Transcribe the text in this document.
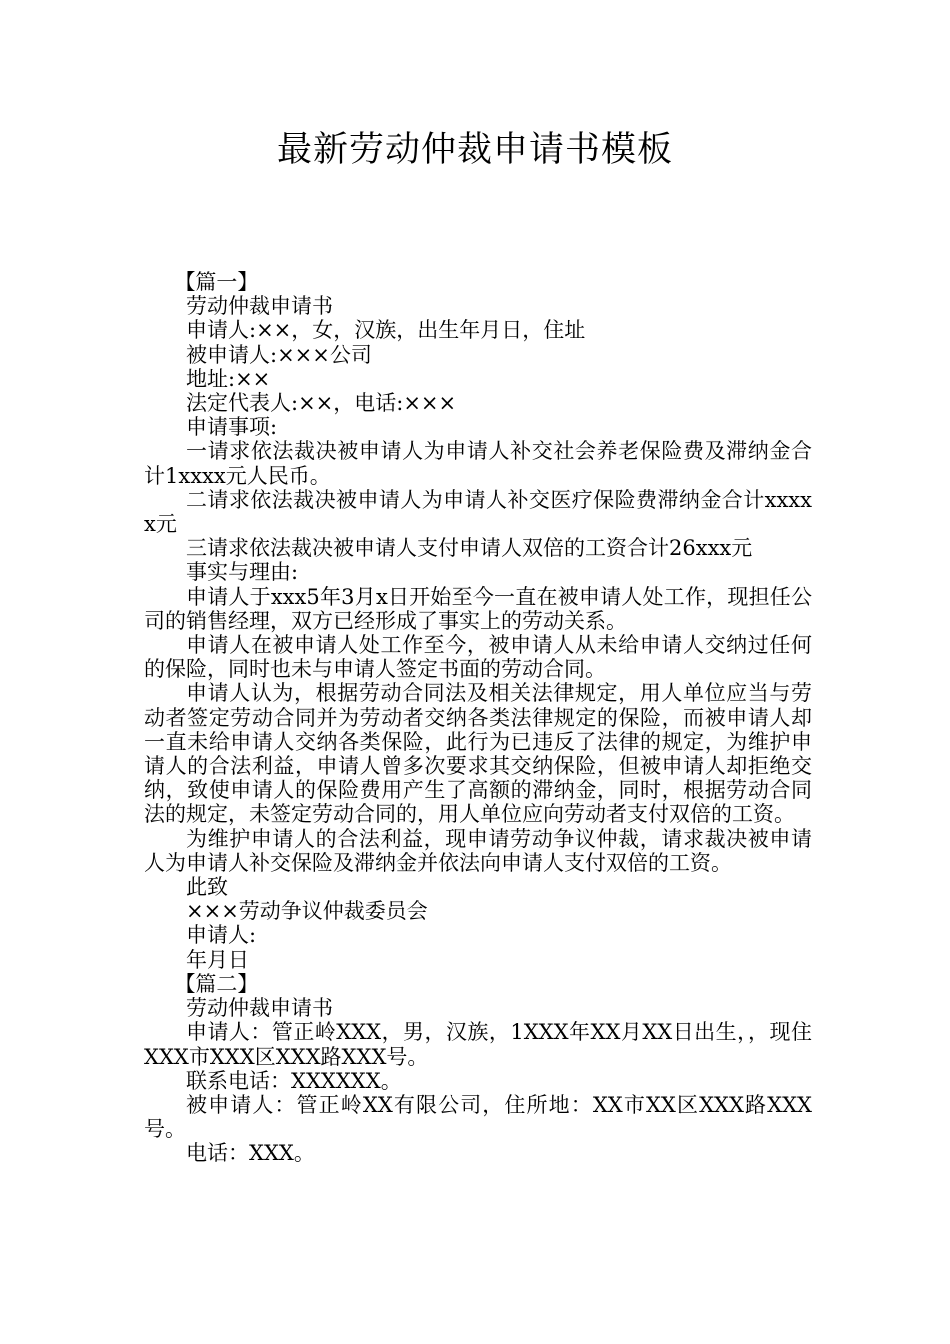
最新劳动仲裁申请书模板

【篇一】

劳动仲裁申请书

申请人:××，女，汉族，出生年月日，住址

被申请人:×××公司

地址:××

法定代表人:××，电话:×××

申请事项:

一请求依法裁决被申请人为申请人补交社会养老保险费及滞纳金合计1xxxx元人民币。

二请求依法裁决被申请人为申请人补交医疗保险费滞纳金合计xxxxx元

三请求依法裁决被申请人支付申请人双倍的工资合计26xxx元

事实与理由:

申请人于xxx5年3月x日开始至今一直在被申请人处工作，现担任公司的销售经理，双方已经形成了事实上的劳动关系。

申请人在被申请人处工作至今，被申请人从未给申请人交纳过任何的保险，同时也未与申请人签定书面的劳动合同。

申请人认为，根据劳动合同法及相关法律规定，用人单位应当与劳动者签定劳动合同并为劳动者交纳各类法律规定的保险，而被申请人却一直未给申请人交纳各类保险，此行为已违反了法律的规定，为维护申请人的合法利益，申请人曾多次要求其交纳保险，但被申请人却拒绝交纳，致使申请人的保险费用产生了高额的滞纳金，同时，根据劳动合同法的规定，未签定劳动合同的，用人单位应向劳动者支付双倍的工资。

为维护申请人的合法利益，现申请劳动争议仲裁，请求裁决被申请人为申请人补交保险及滞纳金并依法向申请人支付双倍的工资。

此致

×××劳动争议仲裁委员会

申请人:

年月日

【篇二】

劳动仲裁申请书

申请人：管正岭XXX，男，汉族，1XXX年XX月XX日出生，，现住XXX市XXX区XXX路XXX号。

联系电话：XXXXXX。

被申请人：管正岭XX有限公司，住所地：XX市XX区XXX路XXX号。

电话：XXX。
